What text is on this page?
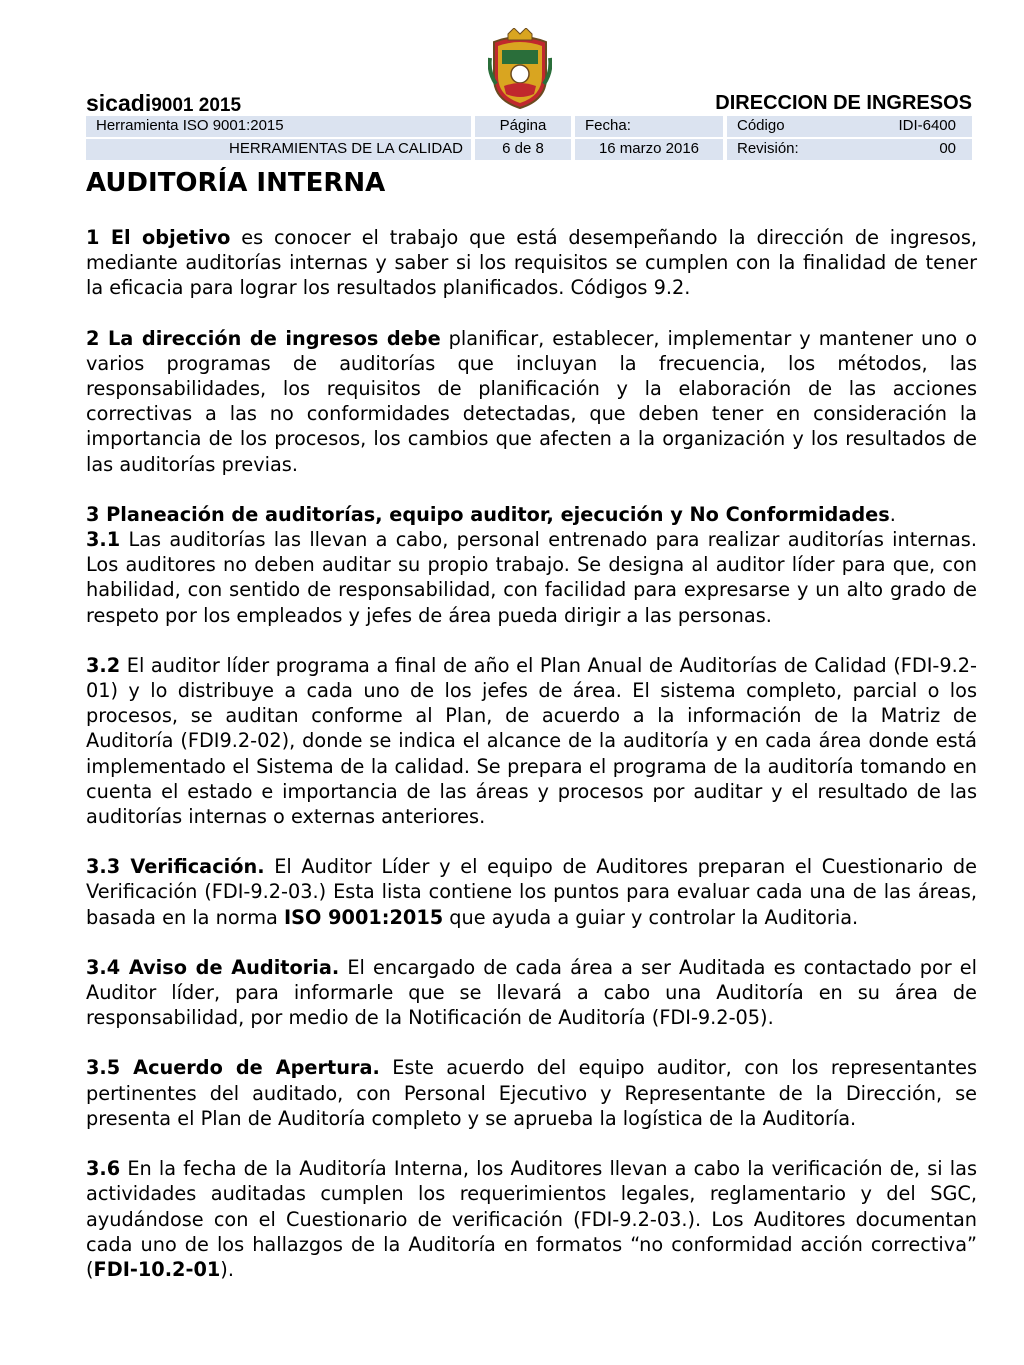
sicadi9001 2015	DIRECCION DE INGRESOS
Herramienta ISO 9001:2015	Página	Fecha:	Código	IDI-6400
HERRAMIENTAS DE LA CALIDAD	6 de 8	16 marzo 2016	Revisión:	00
AUDITORÍA INTERNA

1 El objetivo es conocer el trabajo que está desempeñando la dirección de ingresos, mediante auditorías internas y saber si los requisitos se cumplen con la finalidad de tener la eficacia para lograr los resultados planificados. Códigos 9.2.

2 La dirección de ingresos debe planificar, establecer, implementar y mantener uno o varios programas de auditorías que incluyan la frecuencia, los métodos, las responsabilidades, los requisitos de planificación y la elaboración de las acciones correctivas a las no conformidades detectadas, que deben tener en consideración la importancia de los procesos, los cambios que afecten a la organización y los resultados de las auditorías previas.

3 Planeación de auditorías, equipo auditor, ejecución y No Conformidades.

3.1 Las auditorías las llevan a cabo, personal entrenado para realizar auditorías internas. Los auditores no deben auditar su propio trabajo. Se designa al auditor líder para que, con habilidad, con sentido de responsabilidad, con facilidad para expresarse y un alto grado de respeto por los empleados y jefes de área pueda dirigir a las personas.

3.2 El auditor líder programa a final de año el Plan Anual de Auditorías de Calidad (FDI-9.2-01) y lo distribuye a cada uno de los jefes de área. El sistema completo, parcial o los procesos, se auditan conforme al Plan, de acuerdo a la información de la Matriz de Auditoría (FDI9.2-02), donde se indica el alcance de la auditoría y en cada área donde está implementado el Sistema de la calidad. Se prepara el programa de la auditoría tomando en cuenta el estado e importancia de las áreas y procesos por auditar y el resultado de las auditorías internas o externas anteriores.

3.3 Verificación. El Auditor Líder y el equipo de Auditores preparan el Cuestionario de Verificación (FDI-9.2-03.) Esta lista contiene los puntos para evaluar cada una de las áreas, basada en la norma ISO 9001:2015 que ayuda a guiar y controlar la Auditoria.

3.4 Aviso de Auditoria. El encargado de cada área a ser Auditada es contactado por el Auditor líder, para informarle que se llevará a cabo una Auditoría en su área de responsabilidad, por medio de la Notificación de Auditoría (FDI-9.2-05).

3.5 Acuerdo de Apertura. Este acuerdo del equipo auditor, con los representantes pertinentes del auditado, con Personal Ejecutivo y Representante de la Dirección, se presenta el Plan de Auditoría completo y se aprueba la logística de la Auditoría.

3.6 En la fecha de la Auditoría Interna, los Auditores llevan a cabo la verificación de, si las actividades auditadas cumplen los requerimientos legales, reglamentario y del SGC, ayudándose con el Cuestionario de verificación (FDI-9.2-03.). Los Auditores documentan cada uno de los hallazgos de la Auditoría en formatos “no conformidad acción correctiva” (FDI-10.2-01).
